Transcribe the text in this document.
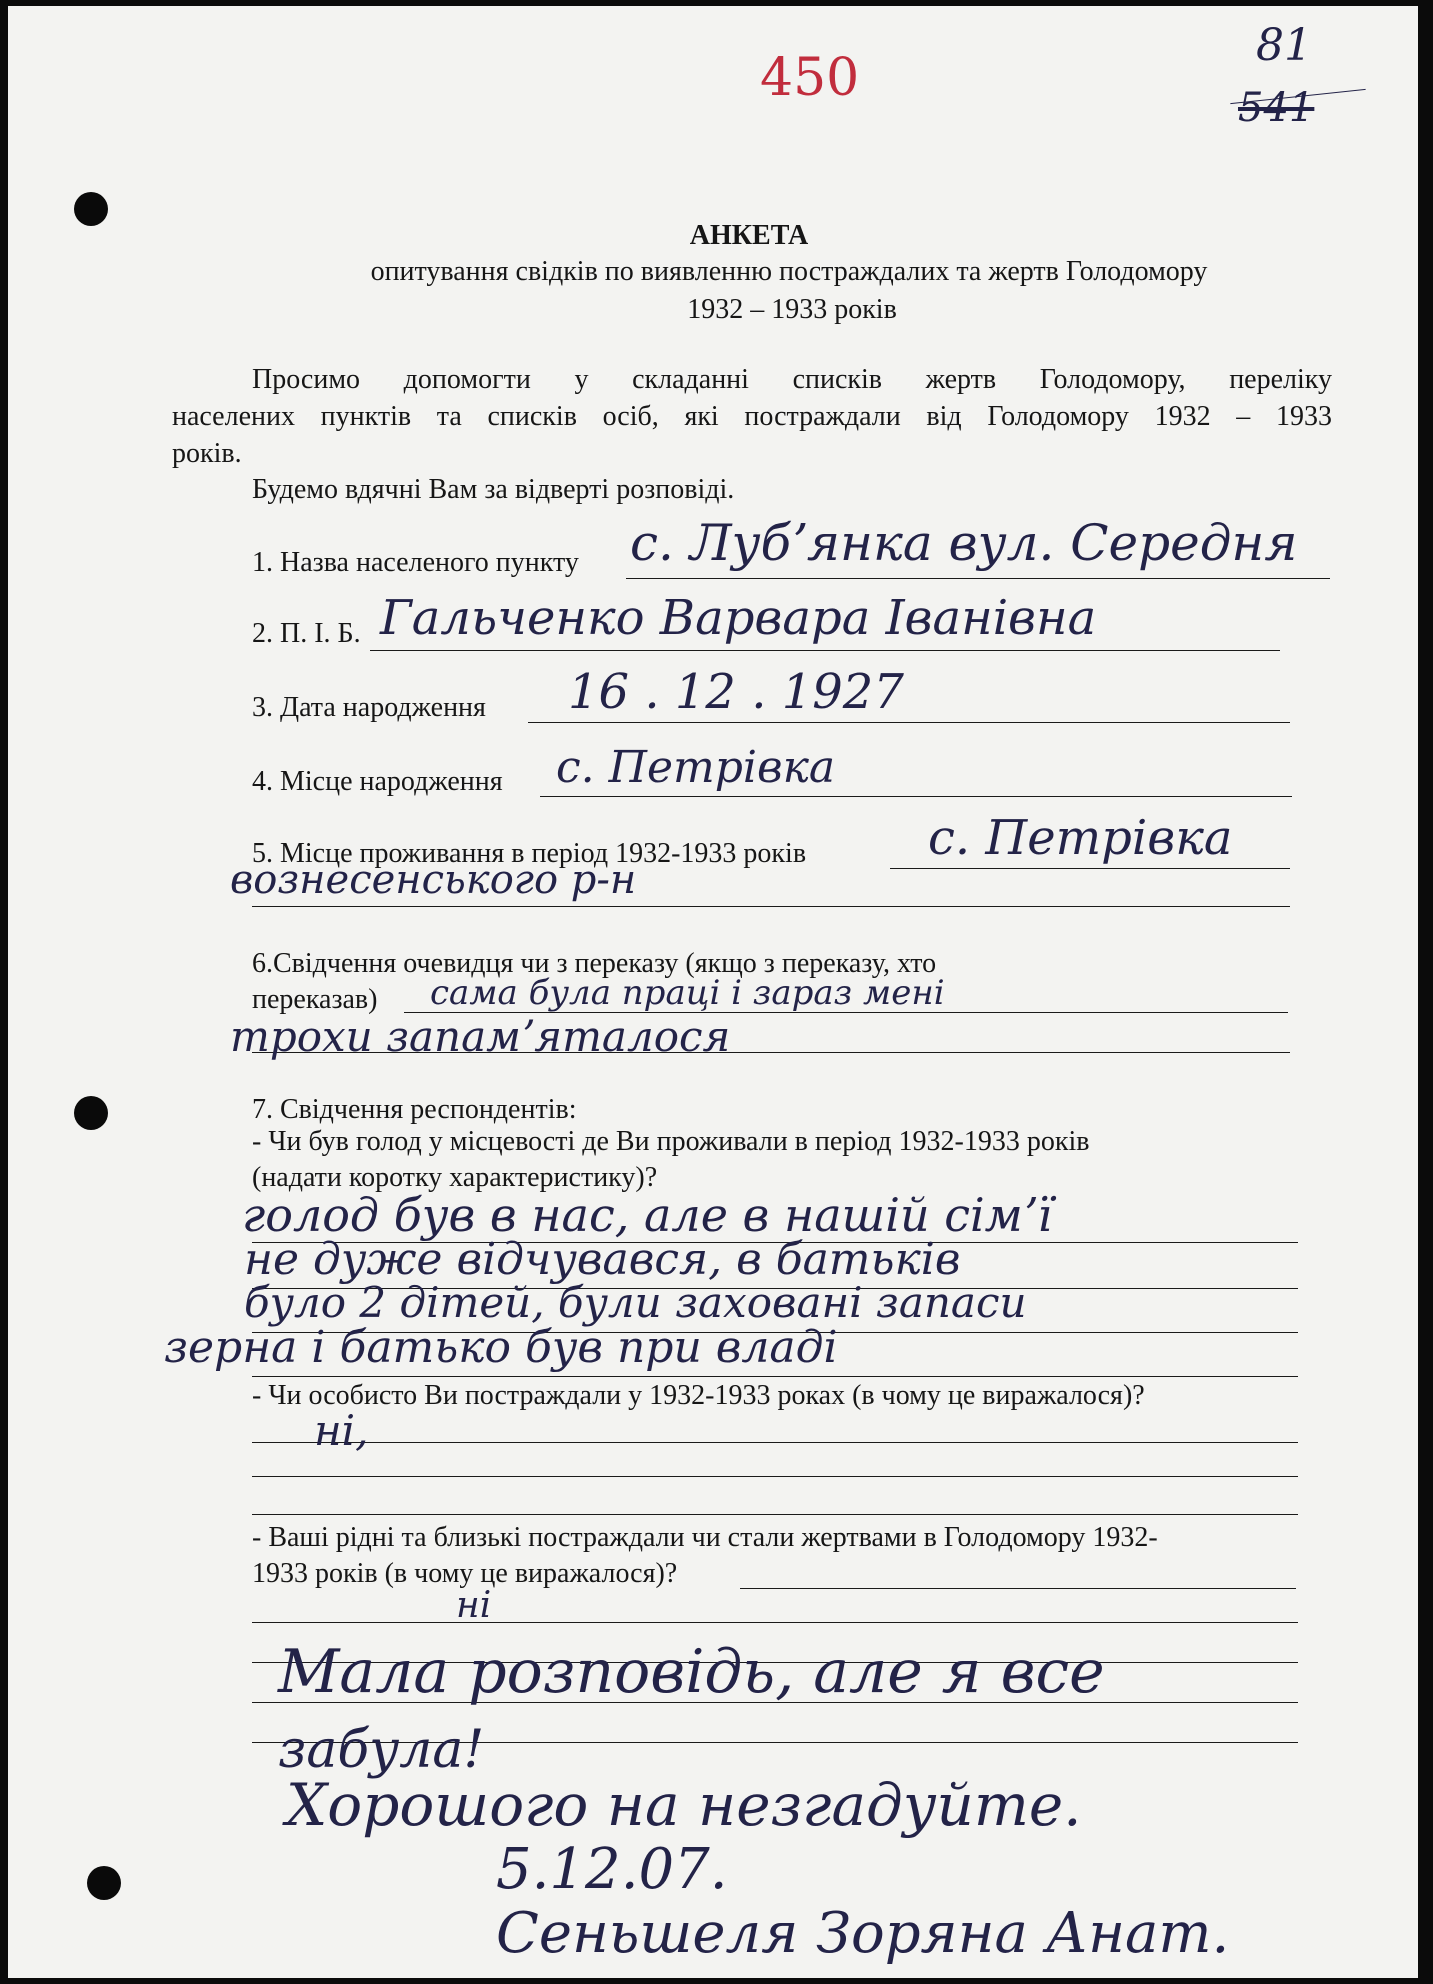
450
81
541
АНКЕТА
опитування свідків по виявленню постраждалих та жертв Голодомору
1932 – 1933 років
Просимо допомогти у складанні списків жертв Голодомору, переліку
населених пунктів та списків осіб, які постраждали від Голодомору 1932 – 1933
років.
Будемо вдячні Вам за відверті розповіді.
1. Назва населеного пункту с. Лубʼянка вул. Середня
2. П. І. Б. Гальченко Варвара Іванівна
3. Дата народження 16 . 12 . 1927
4. Місце народження с. Петрівка
5. Місце проживання в період 1932-1933 років	с. Петрівка
вознесенського р-н
6.Свідчення очевидця чи з переказу (якщо з переказу, хто
переказав) сама була праці і зараз мені
трохи запамʼяталося
7. Свідчення респондентів:
- Чи був голод у місцевості де Ви проживали в період 1932-1933 років
(надати коротку характеристику)?
голод був в нас, але в нашій сімʼї
не дуже відчувався, в батьків
було 2 дітей, були заховані запаси
зерна і батько був при владі
- Чи особисто Ви постраждали у 1932-1933 роках (в чому це виражалося)?
ні,
- Ваші рідні та близькі постраждали чи стали жертвами в Голодомору 1932-
1933 років (в чому це виражалося)?
ні
Мала розповідь, але я все
забула!
Хорошого на незгадуйте.
5.12.07.
Сеньшеля Зоряна Анат.
